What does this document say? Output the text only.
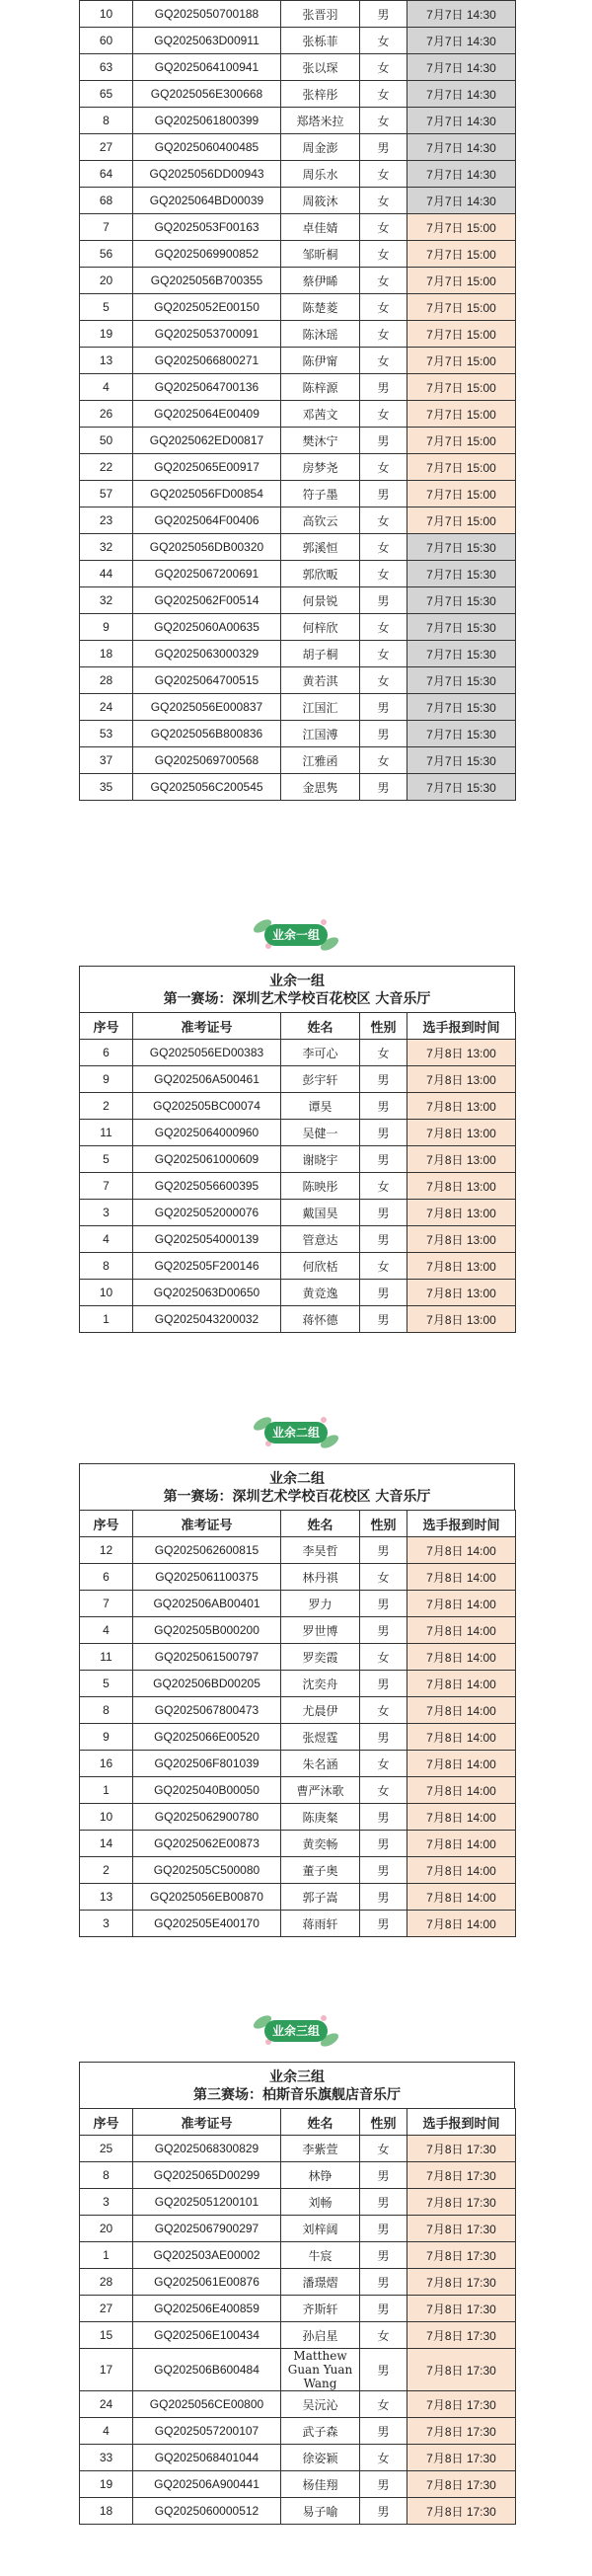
10	GQ2025050700188	张晋羽	男	7月7日 14:30
60	GQ2025063D00911	张栎菲	女	7月7日 14:30
63	GQ2025064100941	张以琛	女	7月7日 14:30
65	GQ2025056E300668	张梓彤	女	7月7日 14:30
8	GQ2025061800399	郑塔米拉	女	7月7日 14:30
27	GQ2025060400485	周金澎	男	7月7日 14:30
64	GQ2025056DD00943	周乐水	女	7月7日 14:30
68	GQ2025064BD00039	周筱沐	女	7月7日 14:30
7	GQ2025053F00163	卓佳婧	女	7月7日 15:00
56	GQ2025069900852	邹昕桐	女	7月7日 15:00
20	GQ2025056B700355	蔡伊睎	女	7月7日 15:00
5	GQ2025052E00150	陈楚菱	女	7月7日 15:00
19	GQ2025053700091	陈沐瑶	女	7月7日 15:00
13	GQ2025066800271	陈伊甯	女	7月7日 15:00
4	GQ2025064700136	陈梓源	男	7月7日 15:00
26	GQ2025064E00409	邓茜文	女	7月7日 15:00
50	GQ2025062ED00817	樊沐宁	男	7月7日 15:00
22	GQ2025065E00917	房梦尧	女	7月7日 15:00
57	GQ2025056FD00854	符子墨	男	7月7日 15:00
23	GQ2025064F00406	高钦云	女	7月7日 15:00
32	GQ2025056DB00320	郭溪恒	女	7月7日 15:30
44	GQ2025067200691	郭欣畈	女	7月7日 15:30
32	GQ2025062F00514	何景锐	男	7月7日 15:30
9	GQ2025060A00635	何梓欣	女	7月7日 15:30
18	GQ2025063000329	胡子桐	女	7月7日 15:30
28	GQ2025064700515	黄若淇	女	7月7日 15:30
24	GQ2025056E000837	江国汇	男	7月7日 15:30
53	GQ2025056B800836	江国溥	男	7月7日 15:30
37	GQ2025069700568	江雅函	女	7月7日 15:30
35	GQ2025056C200545	金思隽	男	7月7日 15:30
业余一组
业余一组
第一赛场：深圳艺术学校百花校区 大音乐厅
序号	准考证号	姓名	性别	选手报到时间
6	GQ2025056ED00383	李可心	女	7月8日 13:00
9	GQ202506A500461	彭宇轩	男	7月8日 13:00
2	GQ202505BC00074	谭昊	男	7月8日 13:00
11	GQ2025064000960	吴健一	男	7月8日 13:00
5	GQ2025061000609	谢晓宇	男	7月8日 13:00
7	GQ2025056600395	陈映彤	女	7月8日 13:00
3	GQ2025052000076	戴国昊	男	7月8日 13:00
4	GQ2025054000139	管意达	男	7月8日 13:00
8	GQ202505F200146	何欣栝	女	7月8日 13:00
10	GQ2025063D00650	黄竞逸	男	7月8日 13:00
1	GQ2025043200032	蒋怀德	男	7月8日 13:00
业余二组
业余二组
第一赛场：深圳艺术学校百花校区 大音乐厅
序号	准考证号	姓名	性别	选手报到时间
12	GQ2025062600815	李昊哲	男	7月8日 14:00
6	GQ2025061100375	林丹祺	女	7月8日 14:00
7	GQ202506AB00401	罗力	男	7月8日 14:00
4	GQ202505B000200	罗世博	男	7月8日 14:00
11	GQ2025061500797	罗奕霞	女	7月8日 14:00
5	GQ202506BD00205	沈奕舟	男	7月8日 14:00
8	GQ2025067800473	尤晨伊	女	7月8日 14:00
9	GQ2025066E00520	张煜霆	男	7月8日 14:00
16	GQ202506F801039	朱名涵	女	7月8日 14:00
1	GQ2025040B00050	曹严沐歌	女	7月8日 14:00
10	GQ2025062900780	陈庚粲	男	7月8日 14:00
14	GQ2025062E00873	黄奕畅	男	7月8日 14:00
2	GQ202505C500080	董子奥	男	7月8日 14:00
13	GQ2025056EB00870	郭子嵩	男	7月8日 14:00
3	GQ202505E400170	蒋雨轩	男	7月8日 14:00
业余三组
业余三组
第三赛场：柏斯音乐旗舰店音乐厅
序号	准考证号	姓名	性别	选手报到时间
25	GQ2025068300829	李紫萱	女	7月8日 17:30
8	GQ2025065D00299	林铮	男	7月8日 17:30
3	GQ2025051200101	刘畅	男	7月8日 17:30
20	GQ2025067900297	刘梓阔	男	7月8日 17:30
1	GQ202503AE00002	牛宸	男	7月8日 17:30
28	GQ2025061E00876	潘璟熠	男	7月8日 17:30
27	GQ202506E400859	齐斯轩	男	7月8日 17:30
15	GQ202506E100434	孙启星	女	7月8日 17:30
17	GQ202506B600484	Matthew Guan Yuan Wang	男	7月8日 17:30
24	GQ2025056CE00800	吴沅沁	女	7月8日 17:30
4	GQ2025057200107	武子森	男	7月8日 17:30
33	GQ2025068401044	徐姿颖	女	7月8日 17:30
19	GQ202506A900441	杨佳翔	男	7月8日 17:30
18	GQ2025060000512	易子喻	男	7月8日 17:30
